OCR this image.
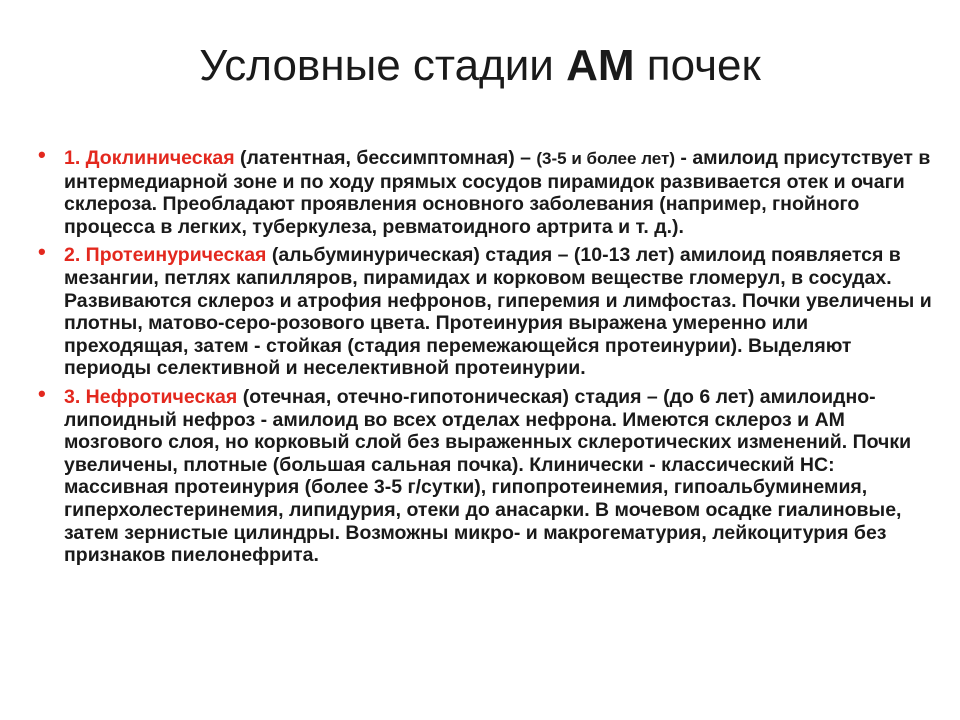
Условные стадии АМ почек
• 1. Доклиническая (латентная, бессимптомная) – (3-5 и более лет) - амилоид присутствует в интермедиарной зоне и по ходу прямых сосудов пирамидок развивается отек и очаги склероза. Преобладают проявления основного заболевания (например, гнойного процесса в легких, туберкулеза, ревматоидного артрита и т. д.).
• 2. Протеинурическая (альбуминурическая) стадия – (10-13 лет) амилоид появляется в мезангии, петлях капилляров, пирамидах и корковом веществе гломерул, в сосудах. Развиваются склероз и атрофия нефронов, гиперемия и лимфостаз. Почки увеличены и плотны, матово-серо-розового цвета. Протеинурия выражена умеренно или преходящая, затем - стойкая (стадия перемежающейся протеинурии). Выделяют периоды селективной и неселективной протеинурии.
• 3. Нефротическая (отечная, отечно-гипотоническая) стадия – (до 6 лет) амилоидно-липоидный нефроз - амилоид во всех отделах нефрона. Имеются склероз и АМ мозгового слоя, но корковый слой без выраженных склеротических изменений. Почки увеличены, плотные (большая сальная почка). Клинически - классический НС: массивная протеинурия (более 3-5 г/сутки), гипопротеинемия, гипоальбуминемия, гиперхолестеринемия, липидурия, отеки до анасарки. В мочевом осадке гиалиновые, затем зернистые цилиндры. Возможны микро- и макрогематурия, лейкоцитурия без признаков пиелонефрита.
